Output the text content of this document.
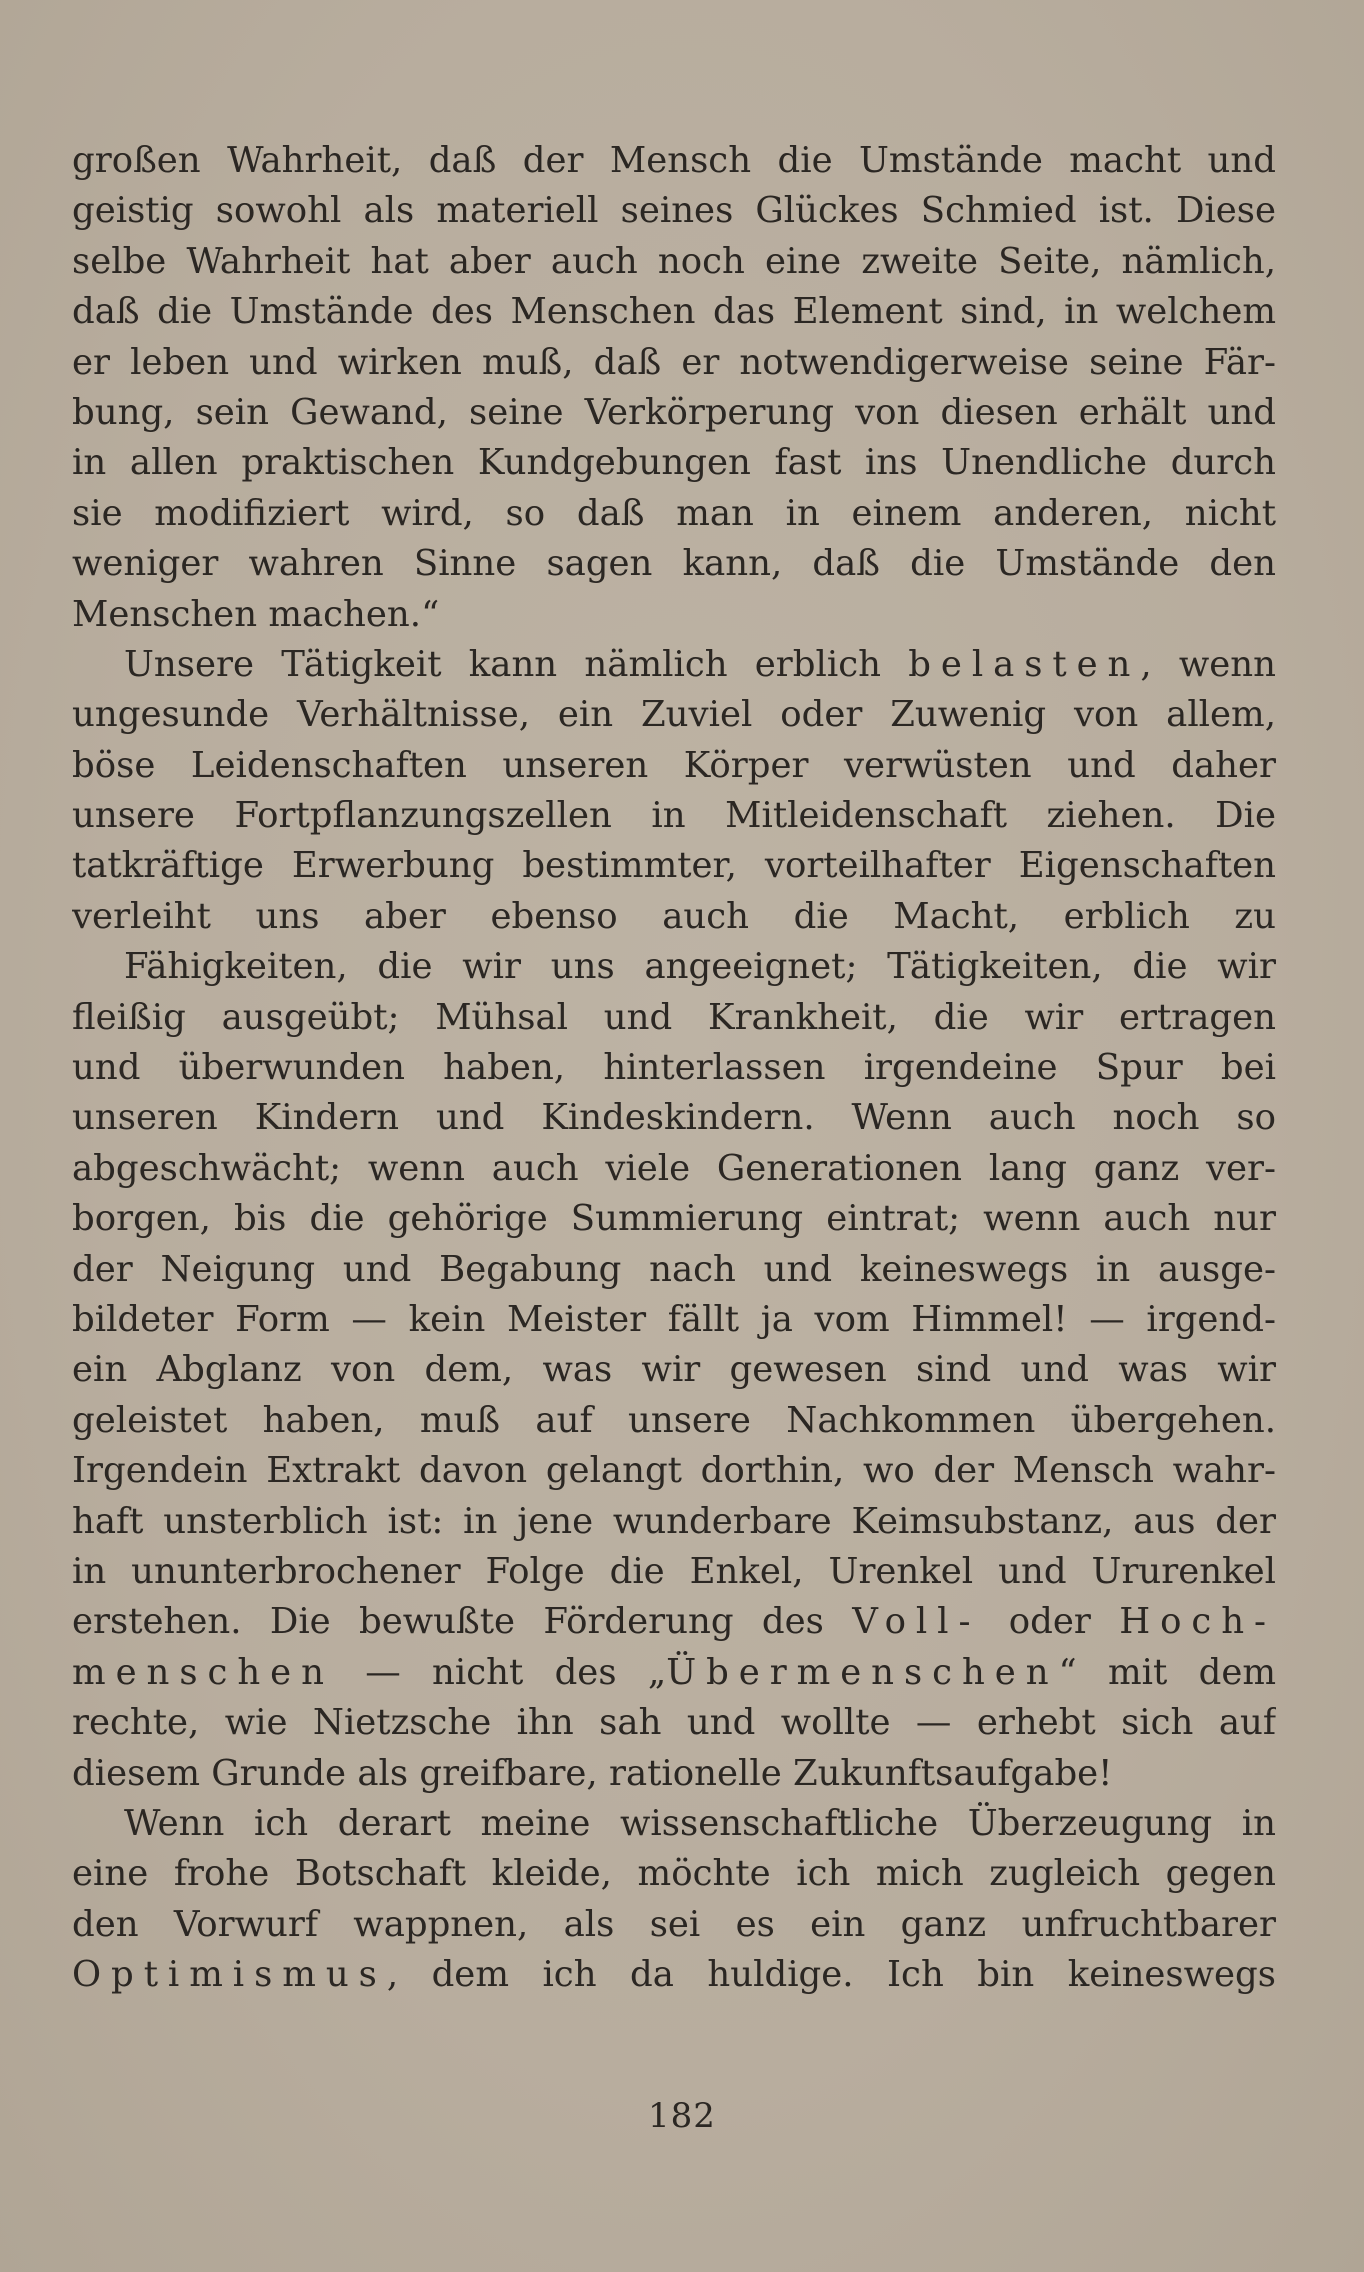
großen Wahrheit, daß der Mensch die Umstände macht und
geistig sowohl als materiell seines Glückes Schmied ist. Diese
selbe Wahrheit hat aber auch noch eine zweite Seite, nämlich,
daß die Umstände des Menschen das Element sind, in welchem
er leben und wirken muß, daß er notwendigerweise seine Fär-
bung, sein Gewand, seine Verkörperung von diesen erhält und
in allen praktischen Kundgebungen fast ins Unendliche durch
sie modifiziert wird, so daß man in einem anderen, nicht
weniger wahren Sinne sagen kann, daß die Umstände den
Menschen machen.“
Unsere Tätigkeit kann nämlich erblich belasten, wenn
ungesunde Verhältnisse, ein Zuviel oder Zuwenig von allem,
böse Leidenschaften unseren Körper verwüsten und daher
unsere Fortpflanzungszellen in Mitleidenschaft ziehen. Die
tatkräftige Erwerbung bestimmter, vorteilhafter Eigenschaften
verleiht uns aber ebenso auch die Macht, erblich zu
Fähigkeiten, die wir uns angeeignet; Tätigkeiten, die wir
fleißig ausgeübt; Mühsal und Krankheit, die wir ertragen
und überwunden haben, hinterlassen irgendeine Spur bei
unseren Kindern und Kindeskindern. Wenn auch noch so
abgeschwächt; wenn auch viele Generationen lang ganz ver-
borgen, bis die gehörige Summierung eintrat; wenn auch nur
der Neigung und Begabung nach und keineswegs in ausge-
bildeter Form — kein Meister fällt ja vom Himmel! — irgend-
ein Abglanz von dem, was wir gewesen sind und was wir
geleistet haben, muß auf unsere Nachkommen übergehen.
Irgendein Extrakt davon gelangt dorthin, wo der Mensch wahr-
haft unsterblich ist: in jene wunderbare Keimsubstanz, aus der
in ununterbrochener Folge die Enkel, Urenkel und Ururenkel
erstehen. Die bewußte Förderung des Voll- oder Hoch-
menschen — nicht des „Übermenschen“ mit dem
rechte, wie Nietzsche ihn sah und wollte — erhebt sich auf
diesem Grunde als greifbare, rationelle Zukunftsaufgabe!
Wenn ich derart meine wissenschaftliche Überzeugung in
eine frohe Botschaft kleide, möchte ich mich zugleich gegen
den Vorwurf wappnen, als sei es ein ganz unfruchtbarer
Optimismus, dem ich da huldige. Ich bin keineswegs
182
